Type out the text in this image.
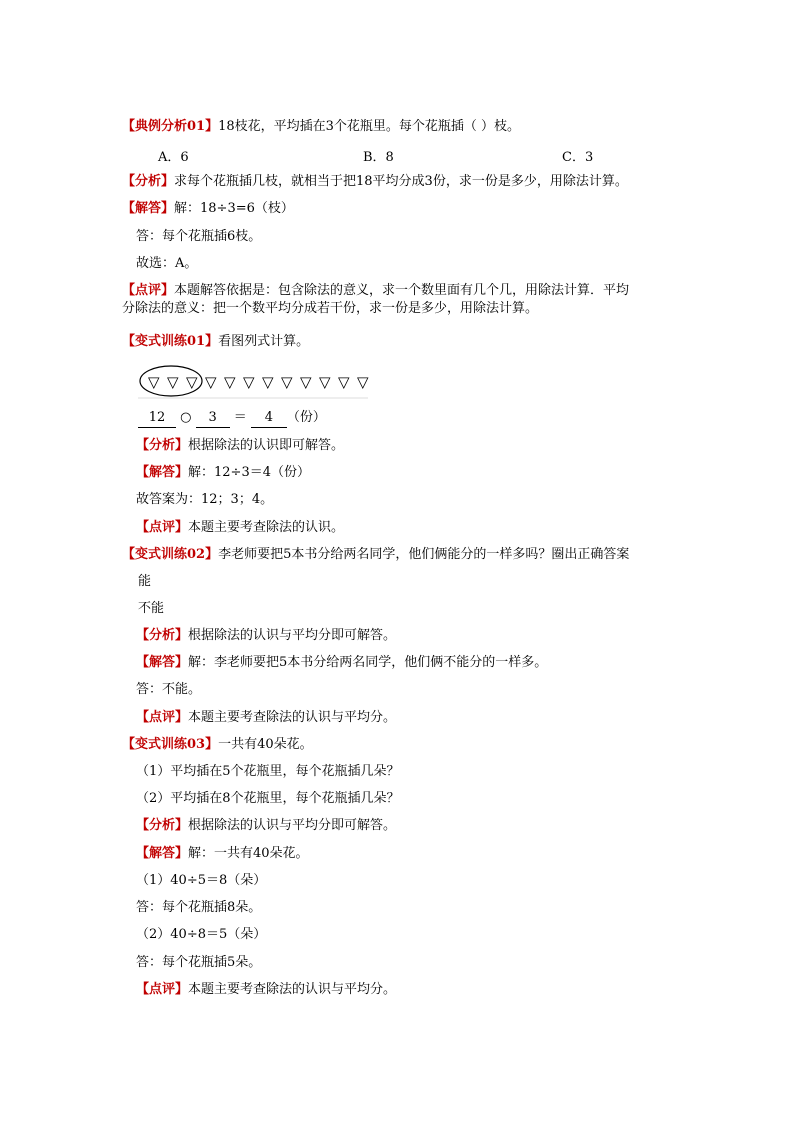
【典例分析01】18枝花，平均插在3个花瓶里。每个花瓶插（ ）枝。
A．6	B．8	C．3
【分析】求每个花瓶插几枝，就相当于把18平均分成3份，求一份是多少，用除法计算。
【解答】解：18÷3=6（枝）
答：每个花瓶插6枝。
故选：A。
【点评】本题解答依据是：包含除法的意义，求一个数里面有几个几，用除法计算．平均
分除法的意义：把一个数平均分成若干份，求一份是多少，用除法计算。
【变式训练01】看图列式计算。
▽ ▽ ▽ ▽ ▽ ▽ ▽ ▽ ▽ ▽ ▽ ▽
12 ○ 3 ＝ 4 （份）
【分析】根据除法的认识即可解答。
【解答】解：12÷3＝4（份）
故答案为：12；3；4。
【点评】本题主要考查除法的认识。
【变式训练02】李老师要把5本书分给两名同学，他们俩能分的一样多吗？圈出正确答案
能
不能
【分析】根据除法的认识与平均分即可解答。
【解答】解：李老师要把5本书分给两名同学，他们俩不能分的一样多。
答：不能。
【点评】本题主要考查除法的认识与平均分。
【变式训练03】一共有40朵花。
（1）平均插在5个花瓶里，每个花瓶插几朵？
（2）平均插在8个花瓶里，每个花瓶插几朵？
【分析】根据除法的认识与平均分即可解答。
【解答】解：一共有40朵花。
（1）40÷5＝8（朵）
答：每个花瓶插8朵。
（2）40÷8＝5（朵）
答：每个花瓶插5朵。
【点评】本题主要考查除法的认识与平均分。
